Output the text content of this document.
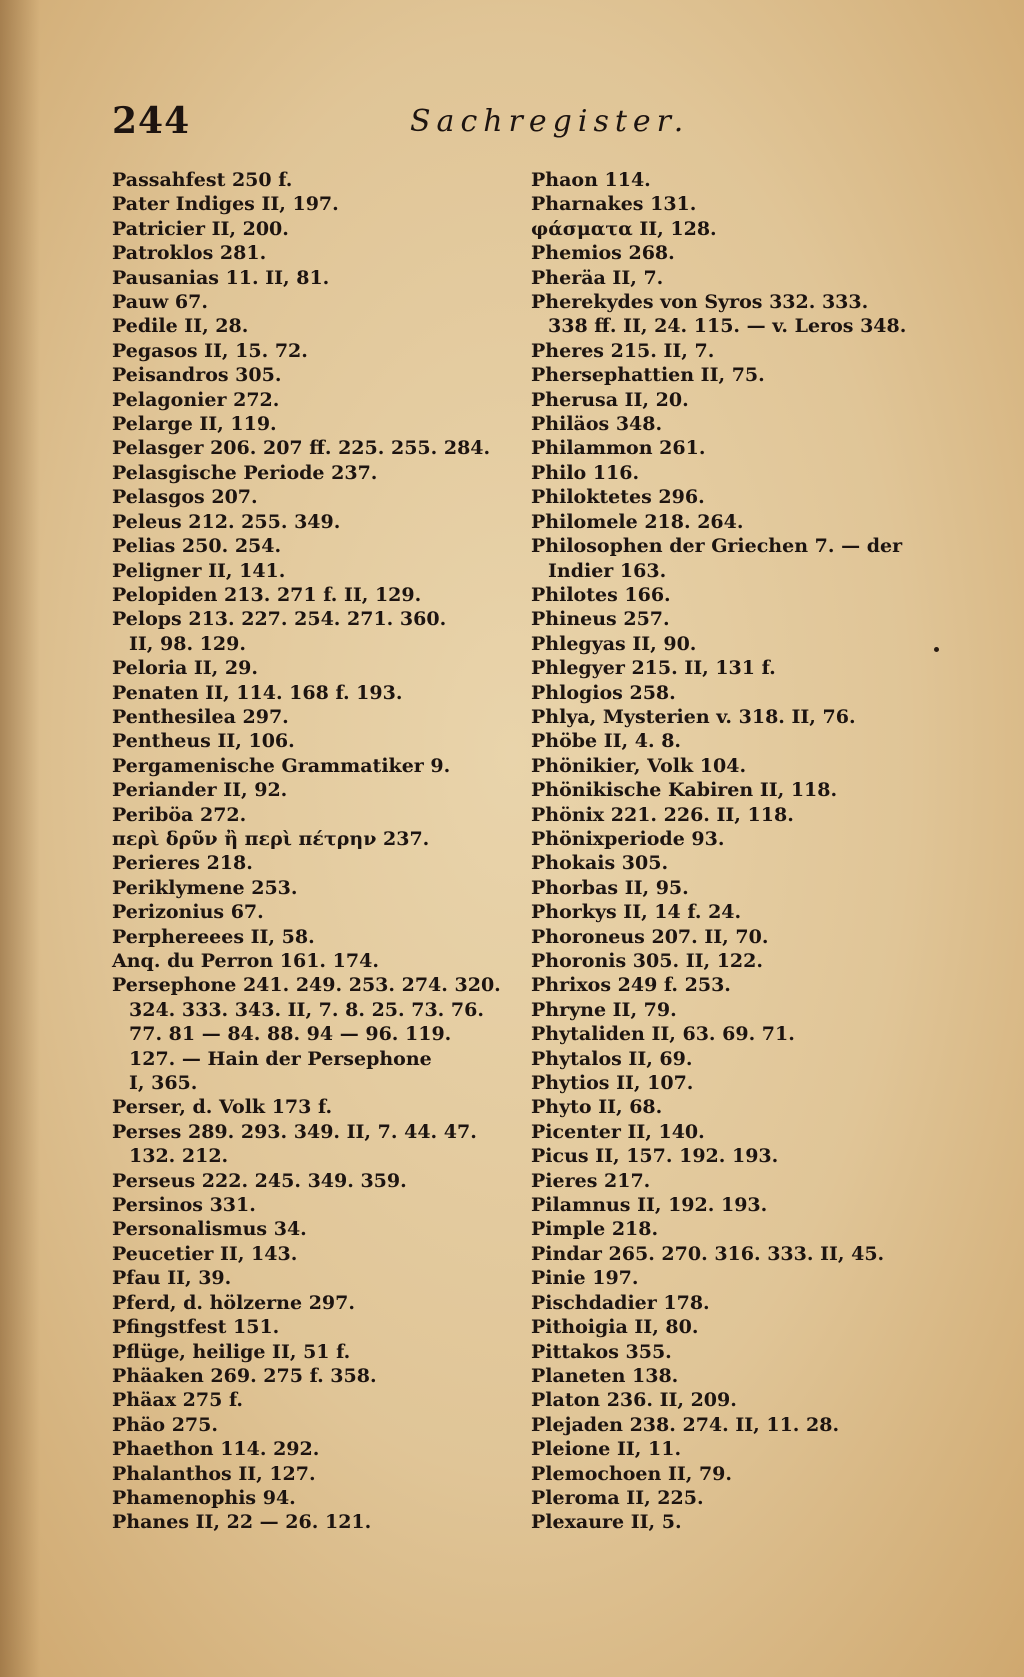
244	Sachregister.
Passahfest 250 f.
Pater Indiges II, 197.
Patricier II, 200.
Patroklos 281.
Pausanias 11. II, 81.
Pauw 67.
Pedile II, 28.
Pegasos II, 15. 72.
Peisandros 305.
Pelagonier 272.
Pelarge II, 119.
Pelasger 206. 207 ff. 225. 255. 284.
Pelasgische Periode 237.
Pelasgos 207.
Peleus 212. 255. 349.
Pelias 250. 254.
Peligner II, 141.
Pelopiden 213. 271 f. II, 129.
Pelops 213. 227. 254. 271. 360.
II, 98. 129.
Peloria II, 29.
Penaten II, 114. 168 f. 193.
Penthesilea 297.
Pentheus II, 106.
Pergamenische Grammatiker 9.
Periander II, 92.
Periböa 272.
περὶ δρῦν ἢ περὶ πέτρην 237.
Perieres 218.
Periklymene 253.
Perizonius 67.
Perphereees II, 58.
Anq. du Perron 161. 174.
Persephone 241. 249. 253. 274. 320.
324. 333. 343. II, 7. 8. 25. 73. 76.
77. 81 — 84. 88. 94 — 96. 119.
127. — Hain der Persephone
I, 365.
Perser, d. Volk 173 f.
Perses 289. 293. 349. II, 7. 44. 47.
132. 212.
Perseus 222. 245. 349. 359.
Persinos 331.
Personalismus 34.
Peucetier II, 143.
Pfau II, 39.
Pferd, d. hölzerne 297.
Pfingstfest 151.
Pflüge, heilige II, 51 f.
Phäaken 269. 275 f. 358.
Phäax 275 f.
Phäo 275.
Phaethon 114. 292.
Phalanthos II, 127.
Phamenophis 94.
Phanes II, 22 — 26. 121.
Phaon 114.
Pharnakes 131.
φάσματα II, 128.
Phemios 268.
Pheräa II, 7.
Pherekydes von Syros 332. 333.
338 ff. II, 24. 115. — v. Leros 348.
Pheres 215. II, 7.
Phersephattien II, 75.
Pherusa II, 20.
Philäos 348.
Philammon 261.
Philo 116.
Philoktetes 296.
Philomele 218. 264.
Philosophen der Griechen 7. — der
Indier 163.
Philotes 166.
Phineus 257.
Phlegyas II, 90.
Phlegyer 215. II, 131 f.
Phlogios 258.
Phlya, Mysterien v. 318. II, 76.
Phöbe II, 4. 8.
Phönikier, Volk 104.
Phönikische Kabiren II, 118.
Phönix 221. 226. II, 118.
Phönixperiode 93.
Phokais 305.
Phorbas II, 95.
Phorkys II, 14 f. 24.
Phoroneus 207. II, 70.
Phoronis 305. II, 122.
Phrixos 249 f. 253.
Phryne II, 79.
Phytaliden II, 63. 69. 71.
Phytalos II, 69.
Phytios II, 107.
Phyto II, 68.
Picenter II, 140.
Picus II, 157. 192. 193.
Pieres 217.
Pilamnus II, 192. 193.
Pimple 218.
Pindar 265. 270. 316. 333. II, 45.
Pinie 197.
Pischdadier 178.
Pithoigia II, 80.
Pittakos 355.
Planeten 138.
Platon 236. II, 209.
Plejaden 238. 274. II, 11. 28.
Pleione II, 11.
Plemochoen II, 79.
Pleroma II, 225.
Plexaure II, 5.
